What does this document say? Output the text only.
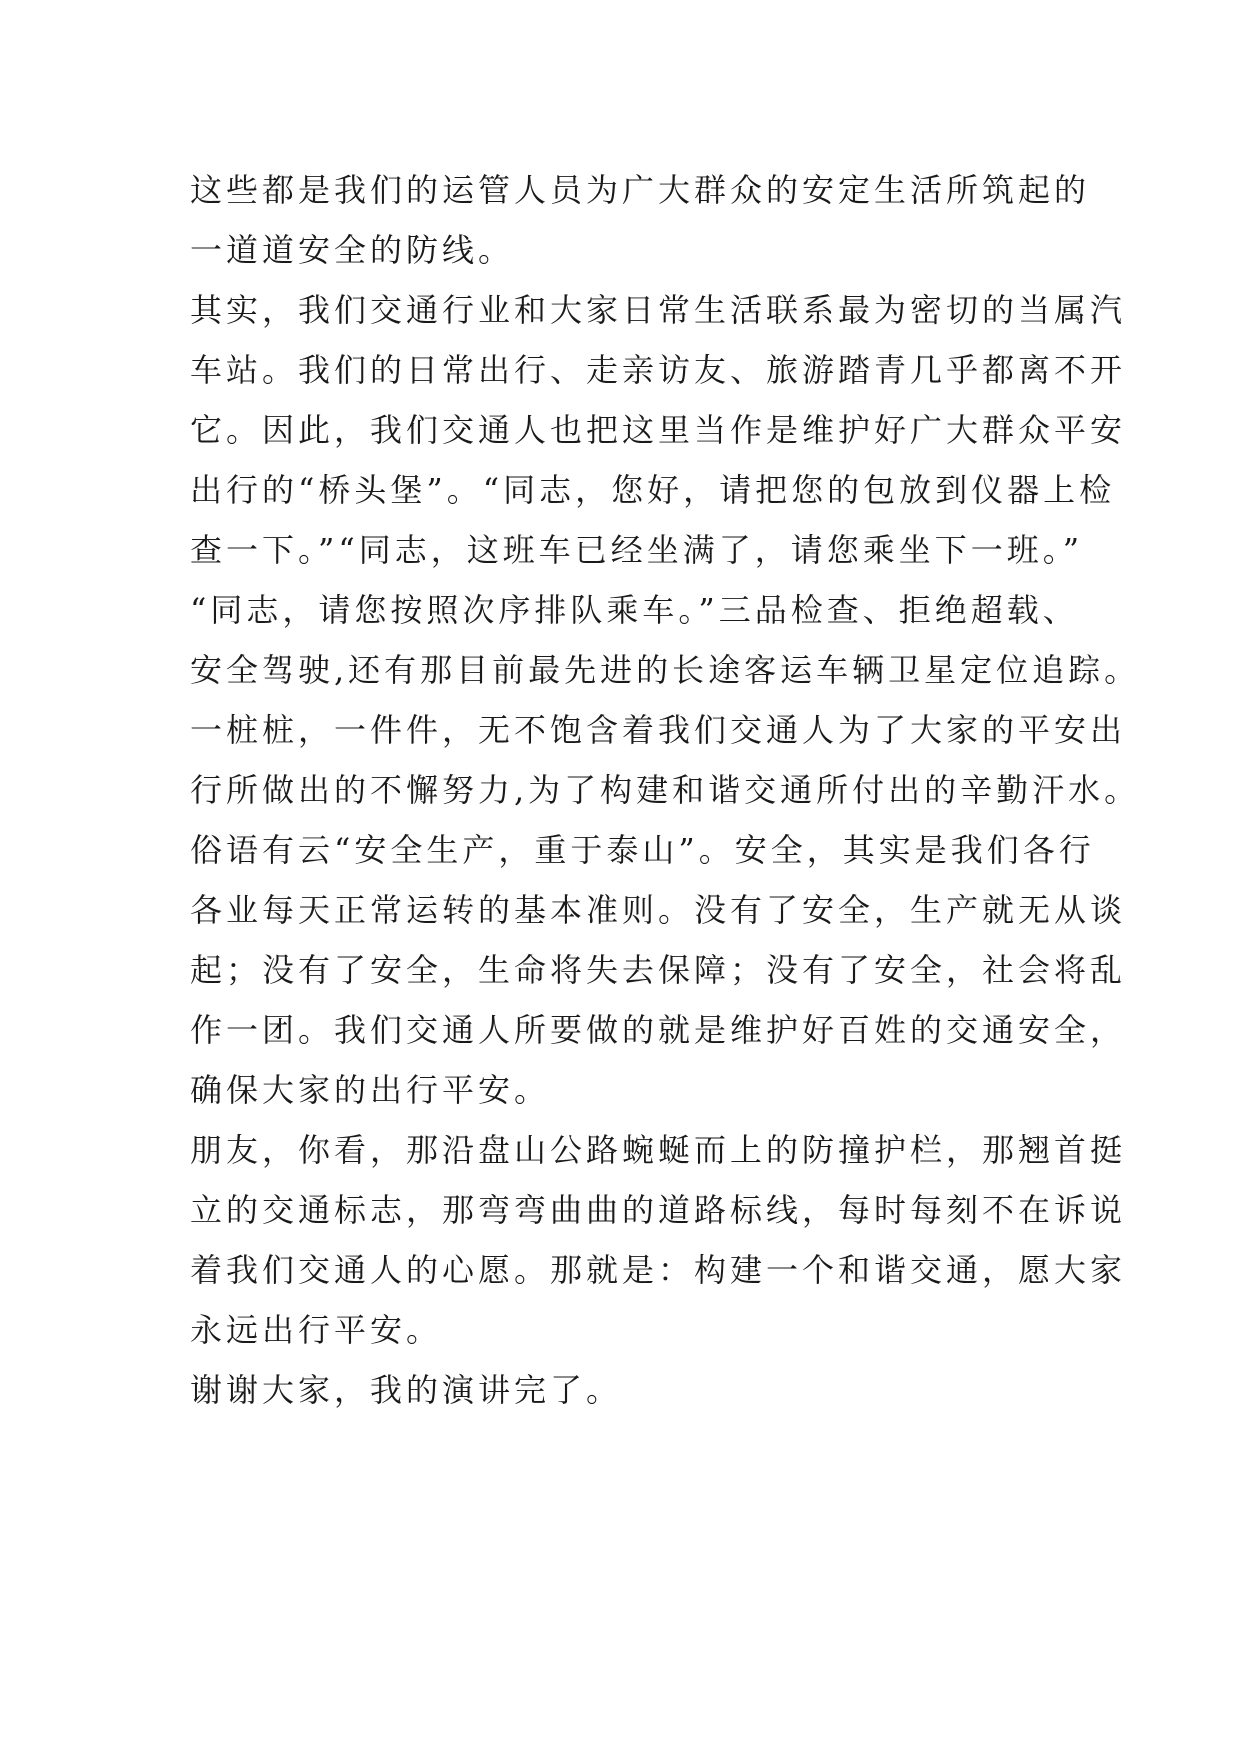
这些都是我们的运管人员为广大群众的安定生活所筑起的
一道道安全的防线。
其实，我们交通行业和大家日常生活联系最为密切的当属汽
车站。我们的日常出行、走亲访友、旅游踏青几乎都离不开
它。因此，我们交通人也把这里当作是维护好广大群众平安
出行的“桥头堡”。“同志，您好，请把您的包放到仪器上检
查一下。”“同志，这班车已经坐满了，请您乘坐下一班。”
“同志，请您按照次序排队乘车。”三品检查、拒绝超载、
安全驾驶,还有那目前最先进的长途客运车辆卫星定位追踪。
一桩桩，一件件，无不饱含着我们交通人为了大家的平安出
行所做出的不懈努力,为了构建和谐交通所付出的辛勤汗水。
俗语有云“安全生产，重于泰山”。安全，其实是我们各行
各业每天正常运转的基本准则。没有了安全，生产就无从谈
起；没有了安全，生命将失去保障；没有了安全，社会将乱
作一团。我们交通人所要做的就是维护好百姓的交通安全，
确保大家的出行平安。
朋友，你看，那沿盘山公路蜿蜒而上的防撞护栏，那翘首挺
立的交通标志，那弯弯曲曲的道路标线，每时每刻不在诉说
着我们交通人的心愿。那就是：构建一个和谐交通，愿大家
永远出行平安。
谢谢大家，我的演讲完了。
